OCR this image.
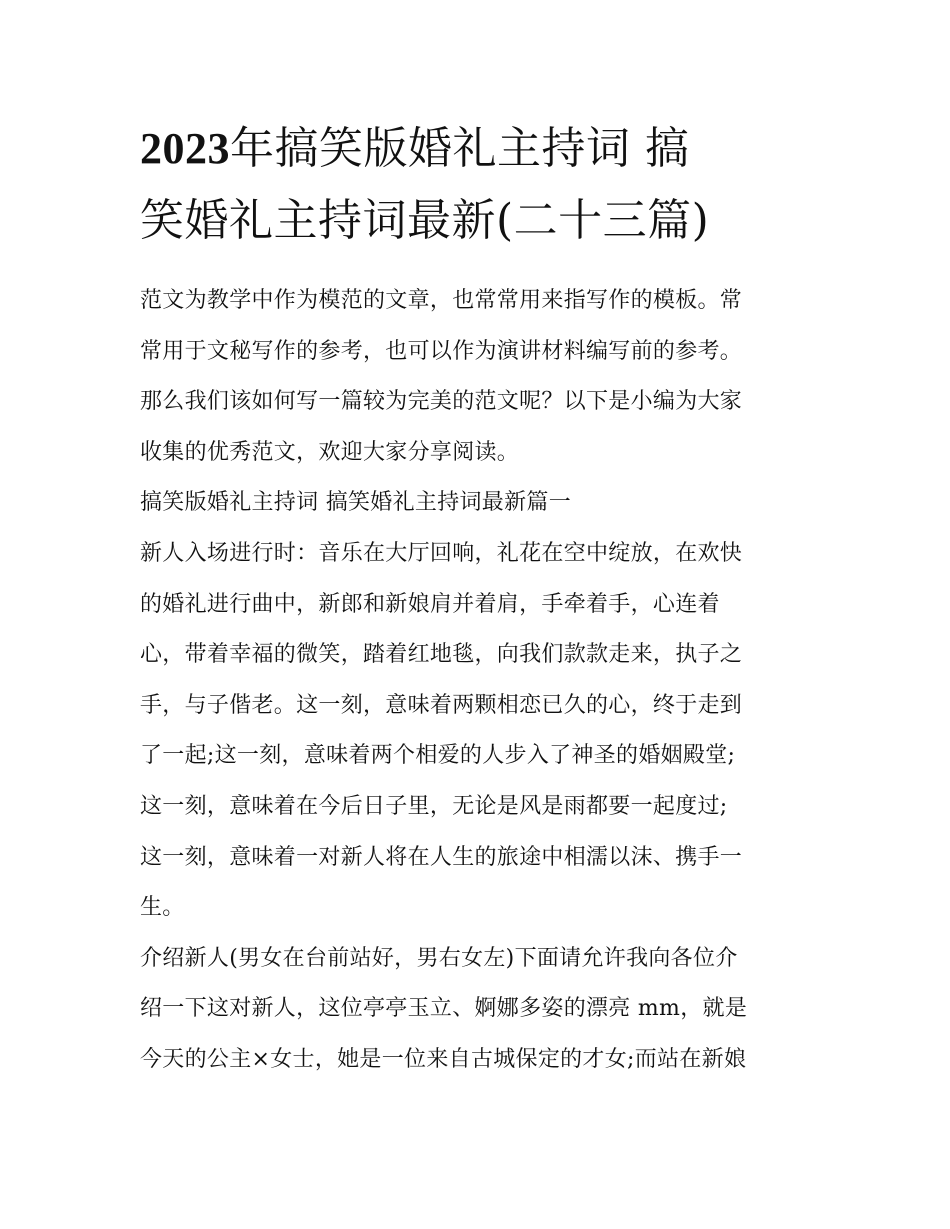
2023年搞笑版婚礼主持词 搞
笑婚礼主持词最新(二十三篇)
范文为教学中作为模范的文章，也常常用来指写作的模板。常
常用于文秘写作的参考，也可以作为演讲材料编写前的参考。
那么我们该如何写一篇较为完美的范文呢？以下是小编为大家
收集的优秀范文，欢迎大家分享阅读。
搞笑版婚礼主持词 搞笑婚礼主持词最新篇一
新人入场进行时：音乐在大厅回响，礼花在空中绽放，在欢快
的婚礼进行曲中，新郎和新娘肩并着肩，手牵着手，心连着
心，带着幸福的微笑，踏着红地毯，向我们款款走来，执子之
手，与子偕老。这一刻，意味着两颗相恋已久的心，终于走到
了一起;这一刻，意味着两个相爱的人步入了神圣的婚姻殿堂;
这一刻，意味着在今后日子里，无论是风是雨都要一起度过;
这一刻，意味着一对新人将在人生的旅途中相濡以沫、携手一
生。
介绍新人(男女在台前站好，男右女左)下面请允许我向各位介
绍一下这对新人，这位亭亭玉立、婀娜多姿的漂亮 mm，就是
今天的公主×女士，她是一位来自古城保定的才女;而站在新娘
